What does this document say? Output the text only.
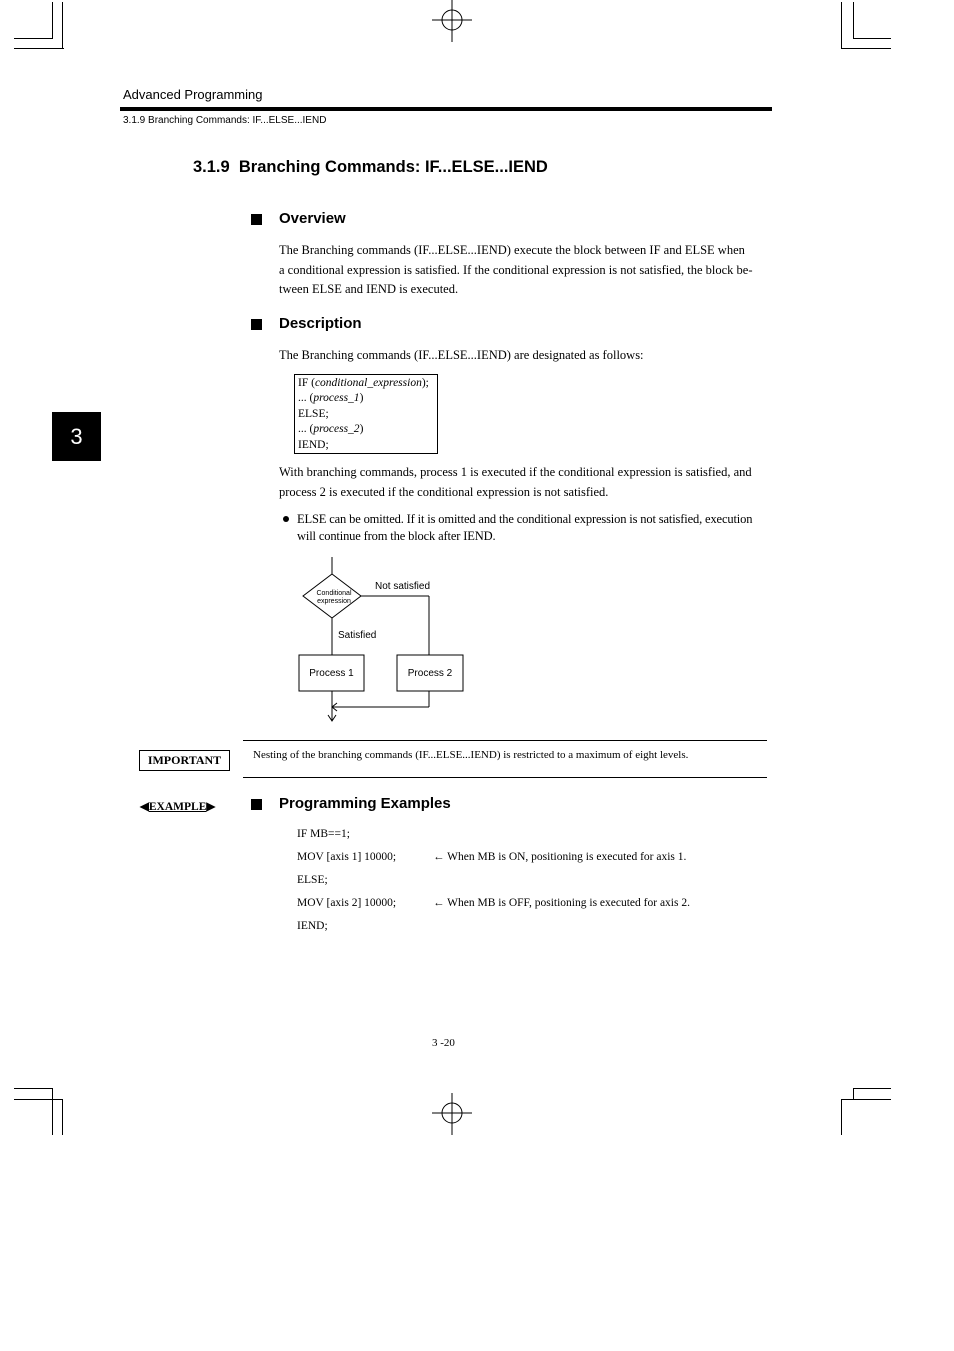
Advanced Programming
3.1.9 Branching Commands: IF...ELSE...IEND
3
3.1.9 Branching Commands: IF...ELSE...IEND
Overview
The Branching commands (IF...ELSE...IEND) execute the block between IF and ELSE when
a conditional expression is satisfied. If the conditional expression is not satisfied, the block be-
tween ELSE and IEND is executed.
Description
The Branching commands (IF...ELSE...IEND) are designated as follows:
IF (conditional_expression);
... (process_1)
ELSE;
... (process_2)
IEND;
With branching commands, process 1 is executed if the conditional expression is satisfied, and
process 2 is executed if the conditional expression is not satisfied.
ELSE can be omitted. If it is omitted and the conditional expression is not satisfied, execution
will continue from the block after IEND.
Conditional
expression
Not satisfied
Satisfied
Process 1	Process 2
IMPORTANT	Nesting of the branching commands (IF...ELSE...IEND) is restricted to a maximum of eight levels.
◀EXAMPLE▶	Programming Examples
IF MB==1;
MOV [axis 1] 10000;	← When MB is ON, positioning is executed for axis 1.
ELSE;
MOV [axis 2] 10000;	← When MB is OFF, positioning is executed for axis 2.
IEND;
3 -20
